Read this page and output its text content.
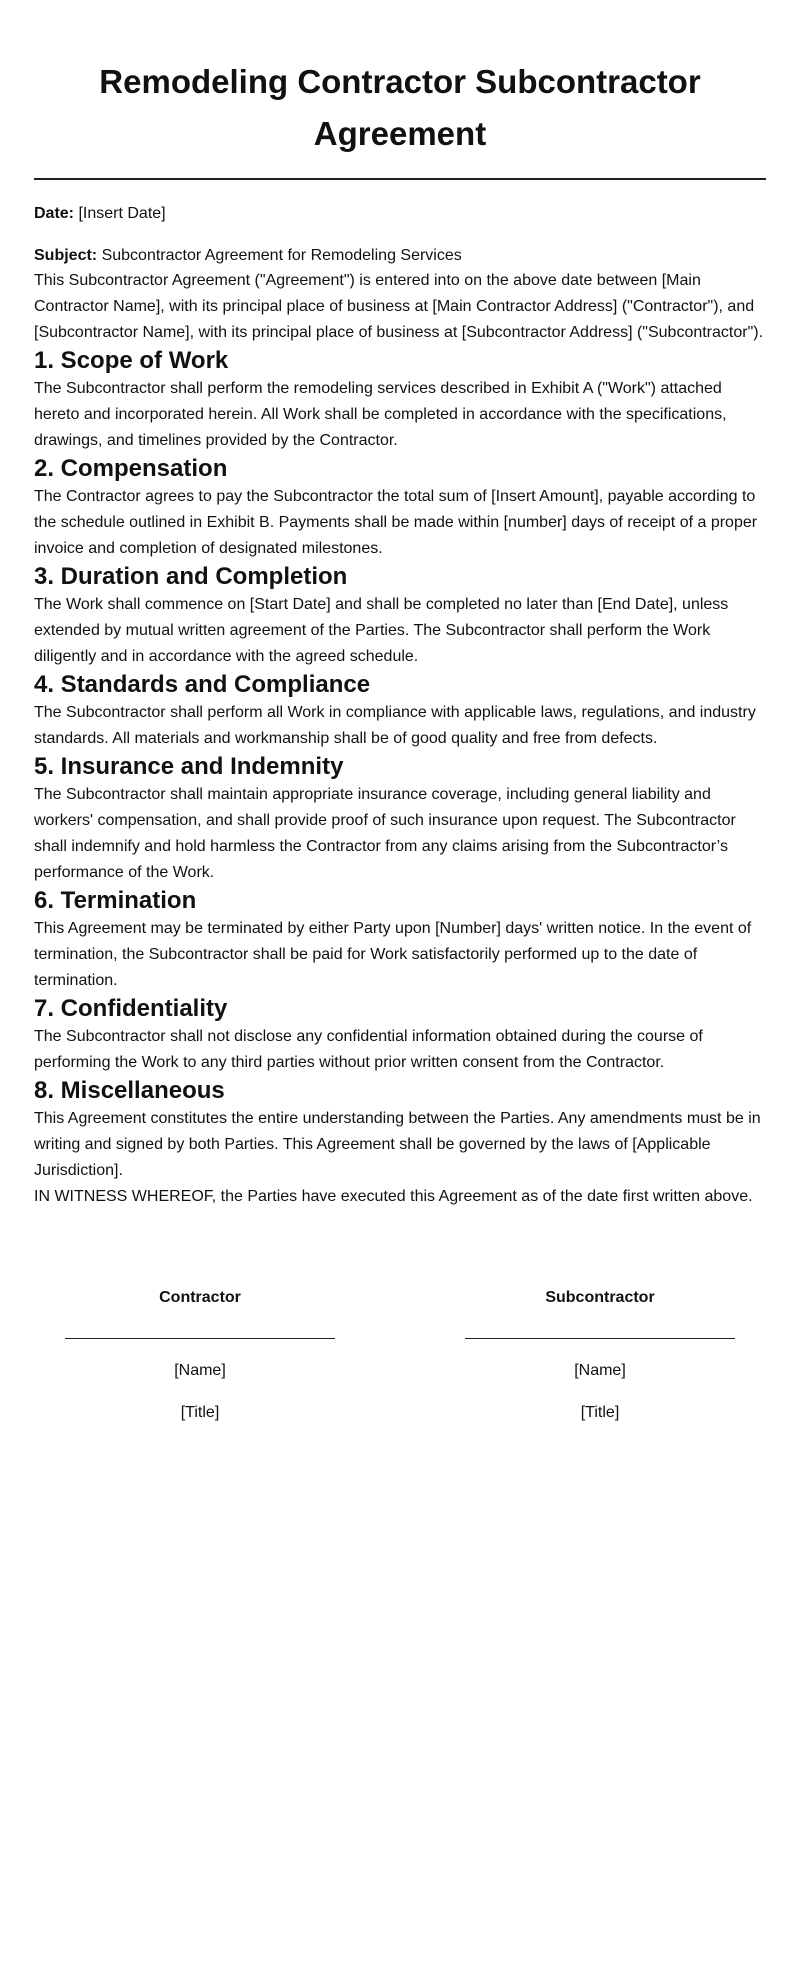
Remodeling Contractor Subcontractor Agreement

Date: [Insert Date]

Subject: Subcontractor Agreement for Remodeling Services

This Subcontractor Agreement ("Agreement") is entered into on the above date between [Main Contractor Name], with its principal place of business at [Main Contractor Address] ("Contractor"), and [Subcontractor Name], with its principal place of business at [Subcontractor Address] ("Subcontractor").

1. Scope of Work

The Subcontractor shall perform the remodeling services described in Exhibit A ("Work") attached hereto and incorporated herein. All Work shall be completed in accordance with the specifications, drawings, and timelines provided by the Contractor.

2. Compensation

The Contractor agrees to pay the Subcontractor the total sum of [Insert Amount], payable according to the schedule outlined in Exhibit B. Payments shall be made within [number] days of receipt of a proper invoice and completion of designated milestones.

3. Duration and Completion

The Work shall commence on [Start Date] and shall be completed no later than [End Date], unless extended by mutual written agreement of the Parties. The Subcontractor shall perform the Work diligently and in accordance with the agreed schedule.

4. Standards and Compliance

The Subcontractor shall perform all Work in compliance with applicable laws, regulations, and industry standards. All materials and workmanship shall be of good quality and free from defects.

5. Insurance and Indemnity

The Subcontractor shall maintain appropriate insurance coverage, including general liability and workers' compensation, and shall provide proof of such insurance upon request. The Subcontractor shall indemnify and hold harmless the Contractor from any claims arising from the Subcontractor’s performance of the Work.

6. Termination

This Agreement may be terminated by either Party upon [Number] days' written notice. In the event of termination, the Subcontractor shall be paid for Work satisfactorily performed up to the date of termination.

7. Confidentiality

The Subcontractor shall not disclose any confidential information obtained during the course of performing the Work to any third parties without prior written consent from the Contractor.

8. Miscellaneous

This Agreement constitutes the entire understanding between the Parties. Any amendments must be in writing and signed by both Parties. This Agreement shall be governed by the laws of [Applicable Jurisdiction].

IN WITNESS WHEREOF, the Parties have executed this Agreement as of the date first written above.

Contractor
[Name]
[Title]
Subcontractor
[Name]
[Title]
